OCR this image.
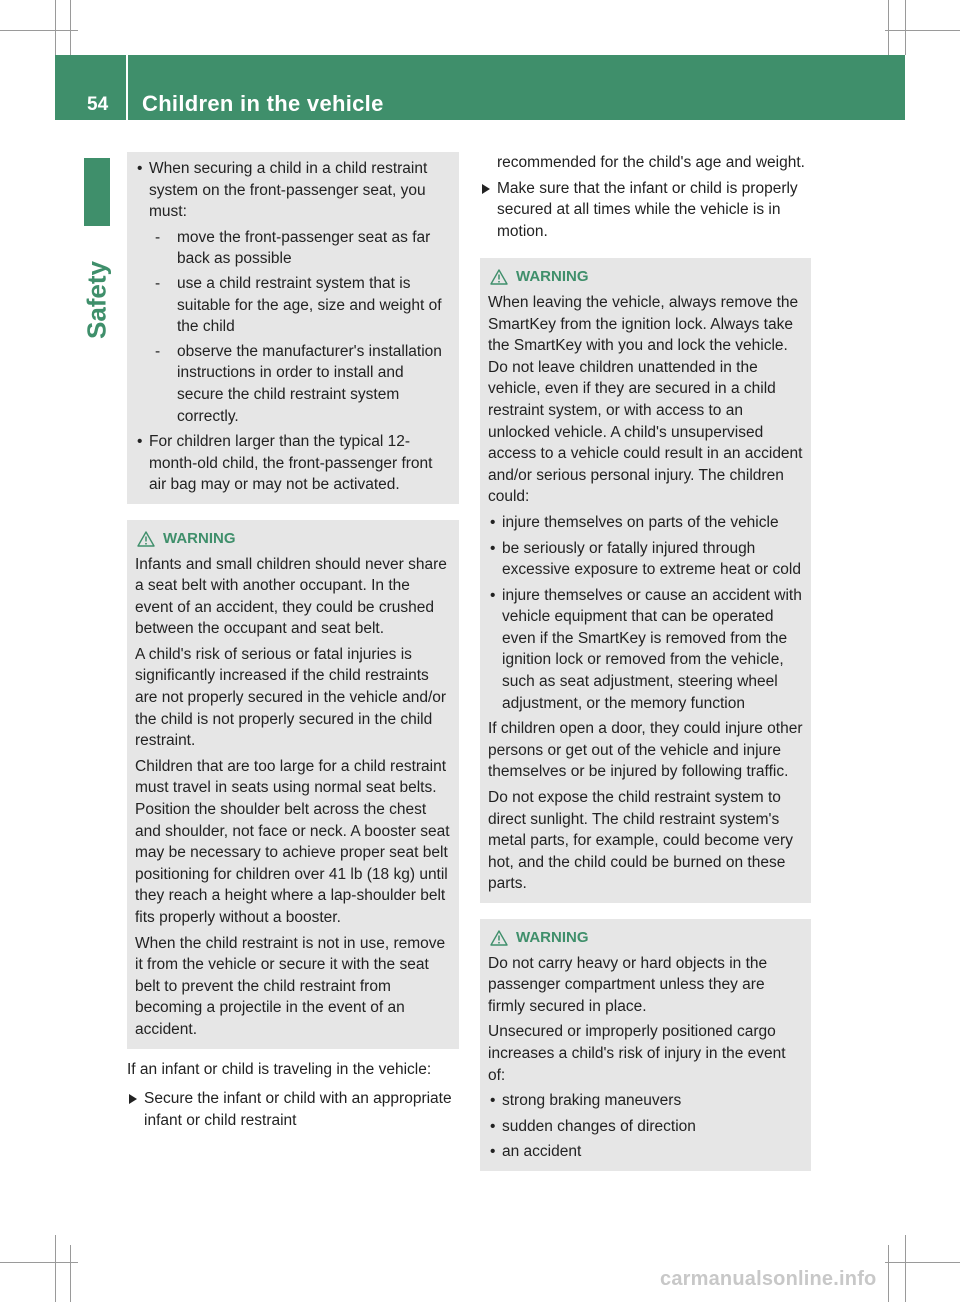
54 Children in the vehicle
Safety
• When securing a child in a child restraint system on the front-passenger seat, you must:
- move the front-passenger seat as far back as possible
- use a child restraint system that is suitable for the age, size and weight of the child
- observe the manufacturer's installation instructions in order to install and secure the child restraint system correctly.
• For children larger than the typical 12-month-old child, the front-passenger front air bag may or may not be activated.
WARNING

Infants and small children should never share a seat belt with another occupant. In the event of an accident, they could be crushed between the occupant and seat belt.

A child's risk of serious or fatal injuries is significantly increased if the child restraints are not properly secured in the vehicle and/or the child is not properly secured in the child restraint.

Children that are too large for a child restraint must travel in seats using normal seat belts. Position the shoulder belt across the chest and shoulder, not face or neck. A booster seat may be necessary to achieve proper seat belt positioning for children over 41 lb (18 kg) until they reach a height where a lap-shoulder belt fits properly without a booster.

When the child restraint is not in use, remove it from the vehicle or secure it with the seat belt to prevent the child restraint from becoming a projectile in the event of an accident.

If an infant or child is traveling in the vehicle:

Secure the infant or child with an appropriate infant or child restraint
recommended for the child's age and weight.
Make sure that the infant or child is properly secured at all times while the vehicle is in motion.
WARNING

When leaving the vehicle, always remove the SmartKey from the ignition lock. Always take the SmartKey with you and lock the vehicle. Do not leave children unattended in the vehicle, even if they are secured in a child restraint system, or with access to an unlocked vehicle. A child's unsupervised access to a vehicle could result in an accident and/or serious personal injury. The children could:

• injure themselves on parts of the vehicle
• be seriously or fatally injured through excessive exposure to extreme heat or cold
• injure themselves or cause an accident with vehicle equipment that can be operated even if the SmartKey is removed from the ignition lock or removed from the vehicle, such as seat adjustment, steering wheel adjustment, or the memory function

If children open a door, they could injure other persons or get out of the vehicle and injure themselves or be injured by following traffic.

Do not expose the child restraint system to direct sunlight. The child restraint system's metal parts, for example, could become very hot, and the child could be burned on these parts.

WARNING

Do not carry heavy or hard objects in the passenger compartment unless they are firmly secured in place.

Unsecured or improperly positioned cargo increases a child's risk of injury in the event of:

• strong braking maneuvers
• sudden changes of direction
• an accident
carmanualsonline.info
